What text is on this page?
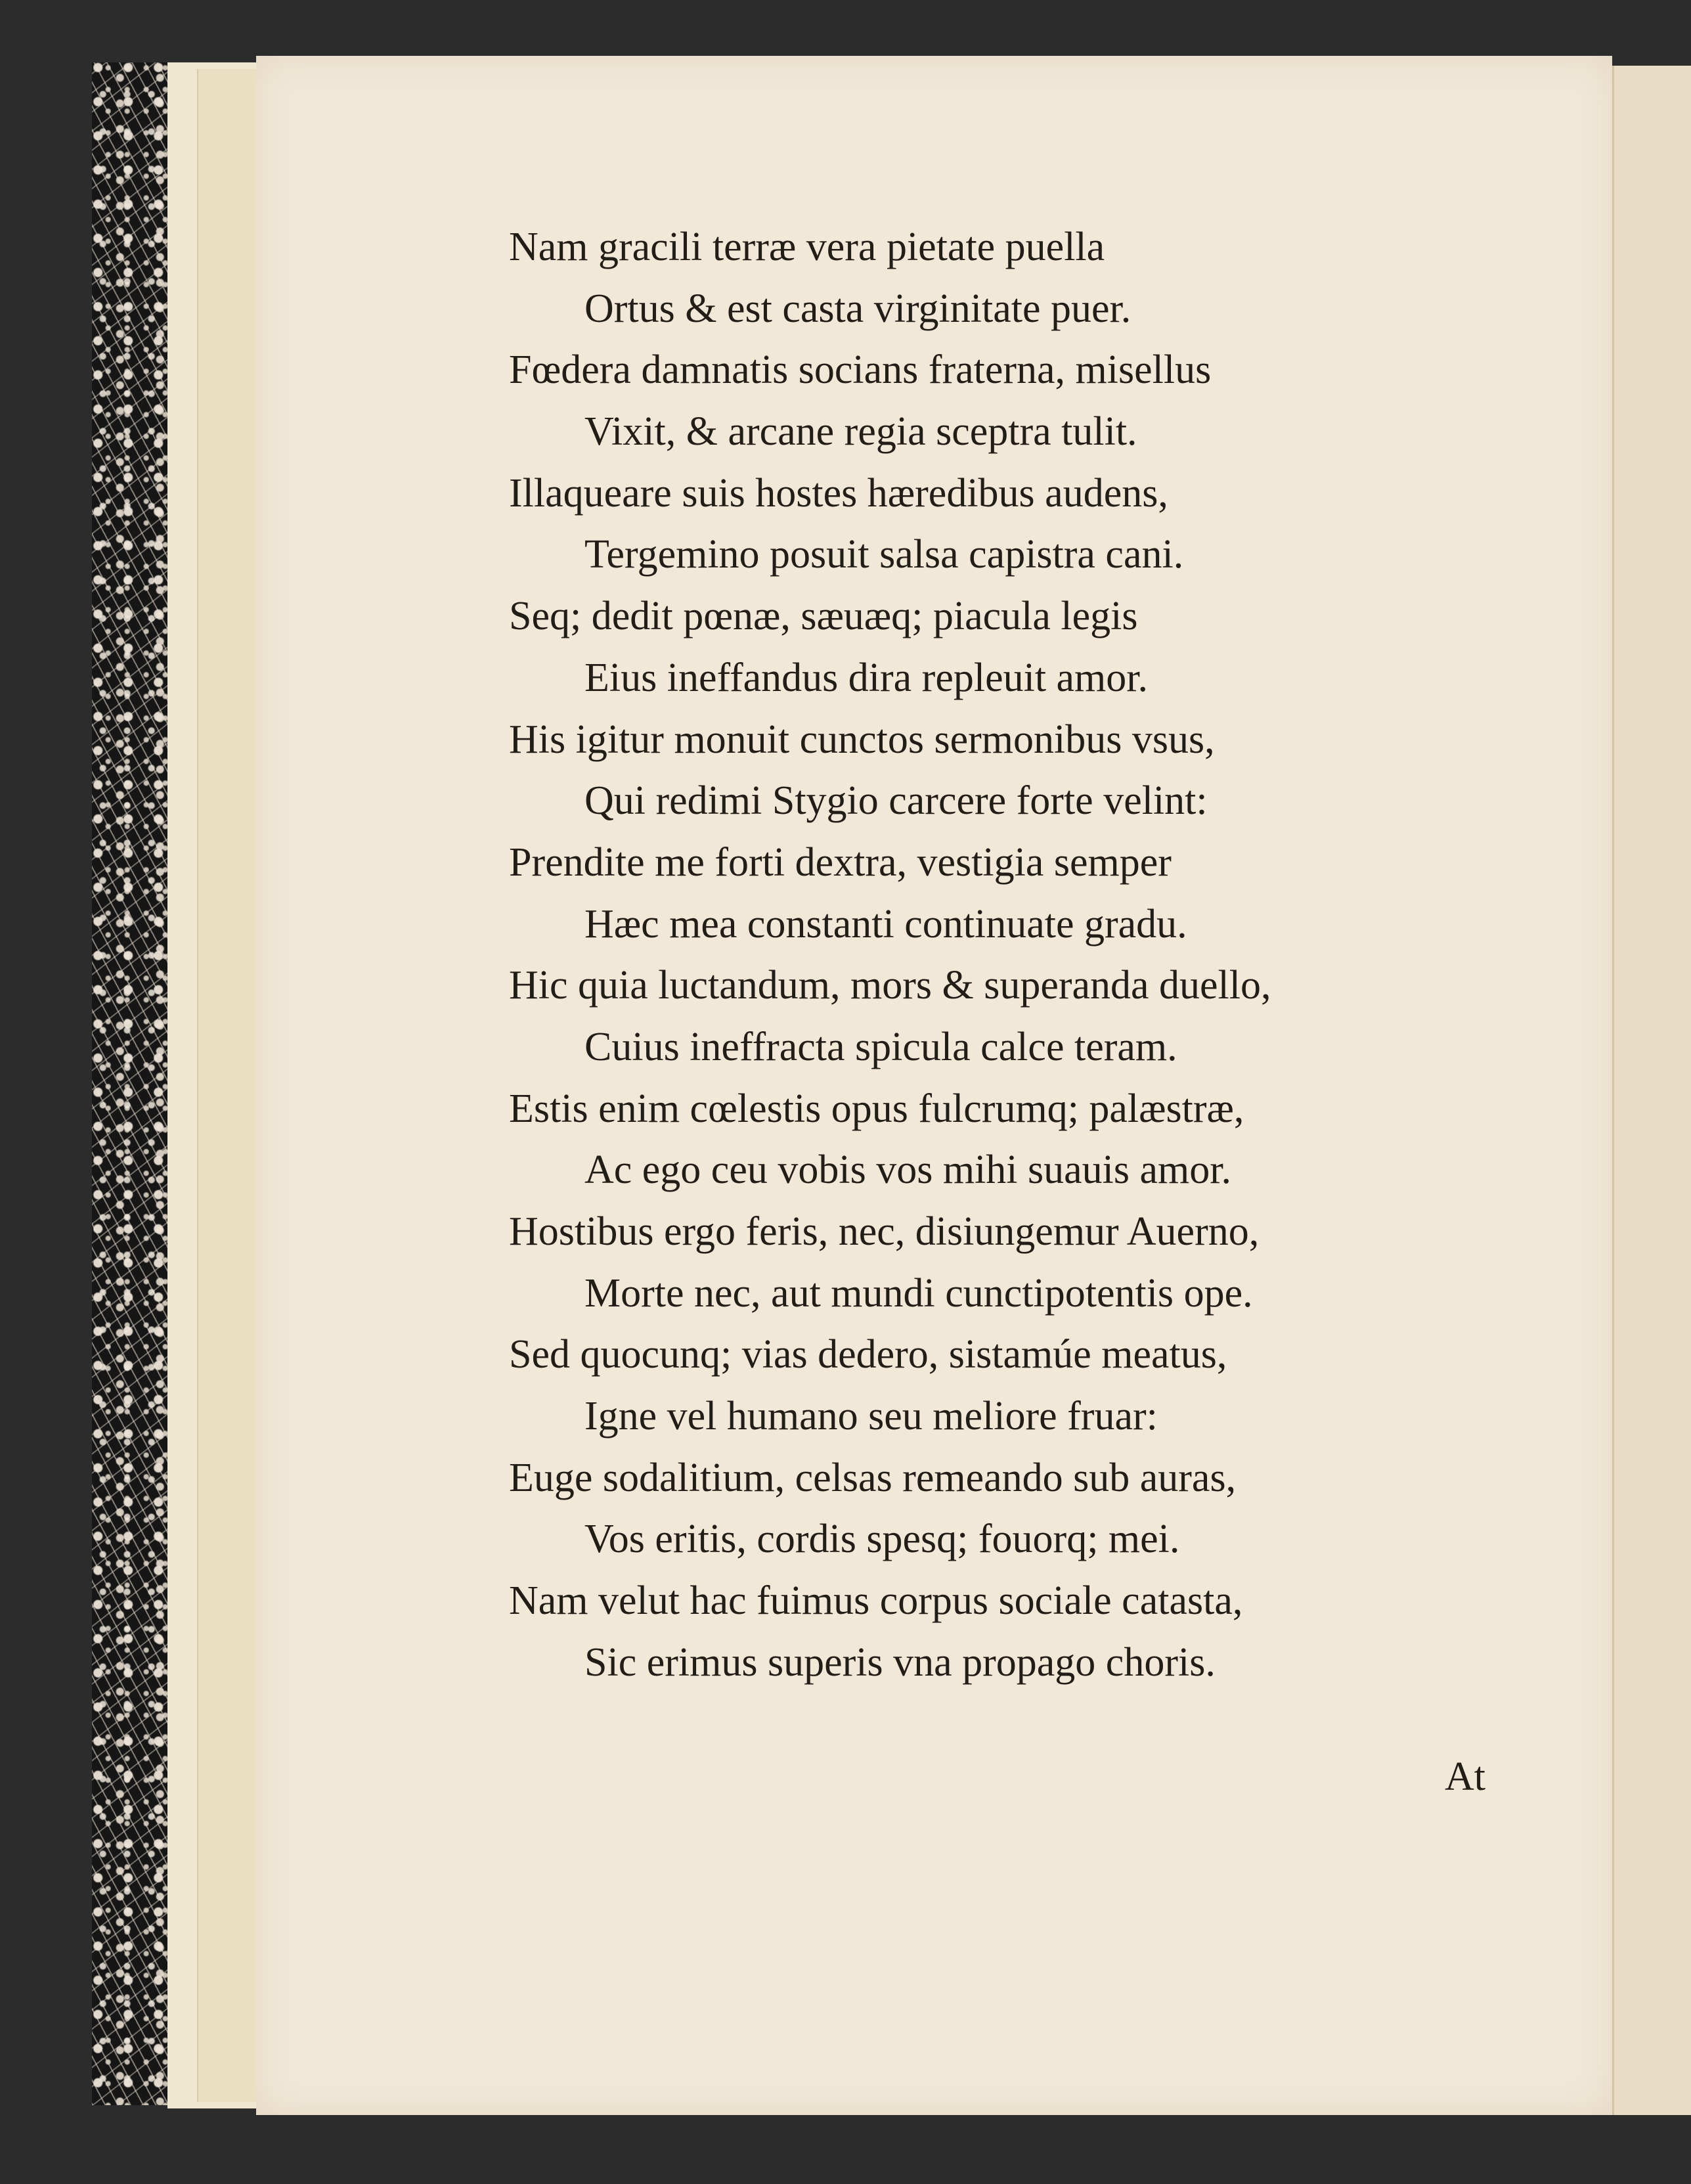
Nam gracili terræ vera pietate puella
Ortus & est casta virginitate puer.
Fœdera damnatis socians fraterna, misellus
Vixit, & arcane regia sceptra tulit.
Illaqueare suis hostes hæredibus audens,
Tergemino posuit salsa capistra cani.
Seq; dedit pœnæ, sæuæq; piacula legis
Eius ineffandus dira repleuit amor.
His igitur monuit cunctos sermonibus vsus,
Qui redimi Stygio carcere forte velint:
Prendite me forti dextra, vestigia semper
Hæc mea constanti continuate gradu.
Hic quia luctandum, mors & superanda duello,
Cuius ineffracta spicula calce teram.
Estis enim cœlestis opus fulcrumq; palæstræ,
Ac ego ceu vobis vos mihi suauis amor.
Hostibus ergo feris, nec, disiungemur Auerno,
Morte nec, aut mundi cunctipotentis ope.
Sed quocunq; vias dedero, sistamúe meatus,
Igne vel humano seu meliore fruar:
Euge sodalitium, celsas remeando sub auras,
Vos eritis, cordis spesq; fouorq; mei.
Nam velut hac fuimus corpus sociale catasta,
Sic erimus superis vna propago choris.
At
